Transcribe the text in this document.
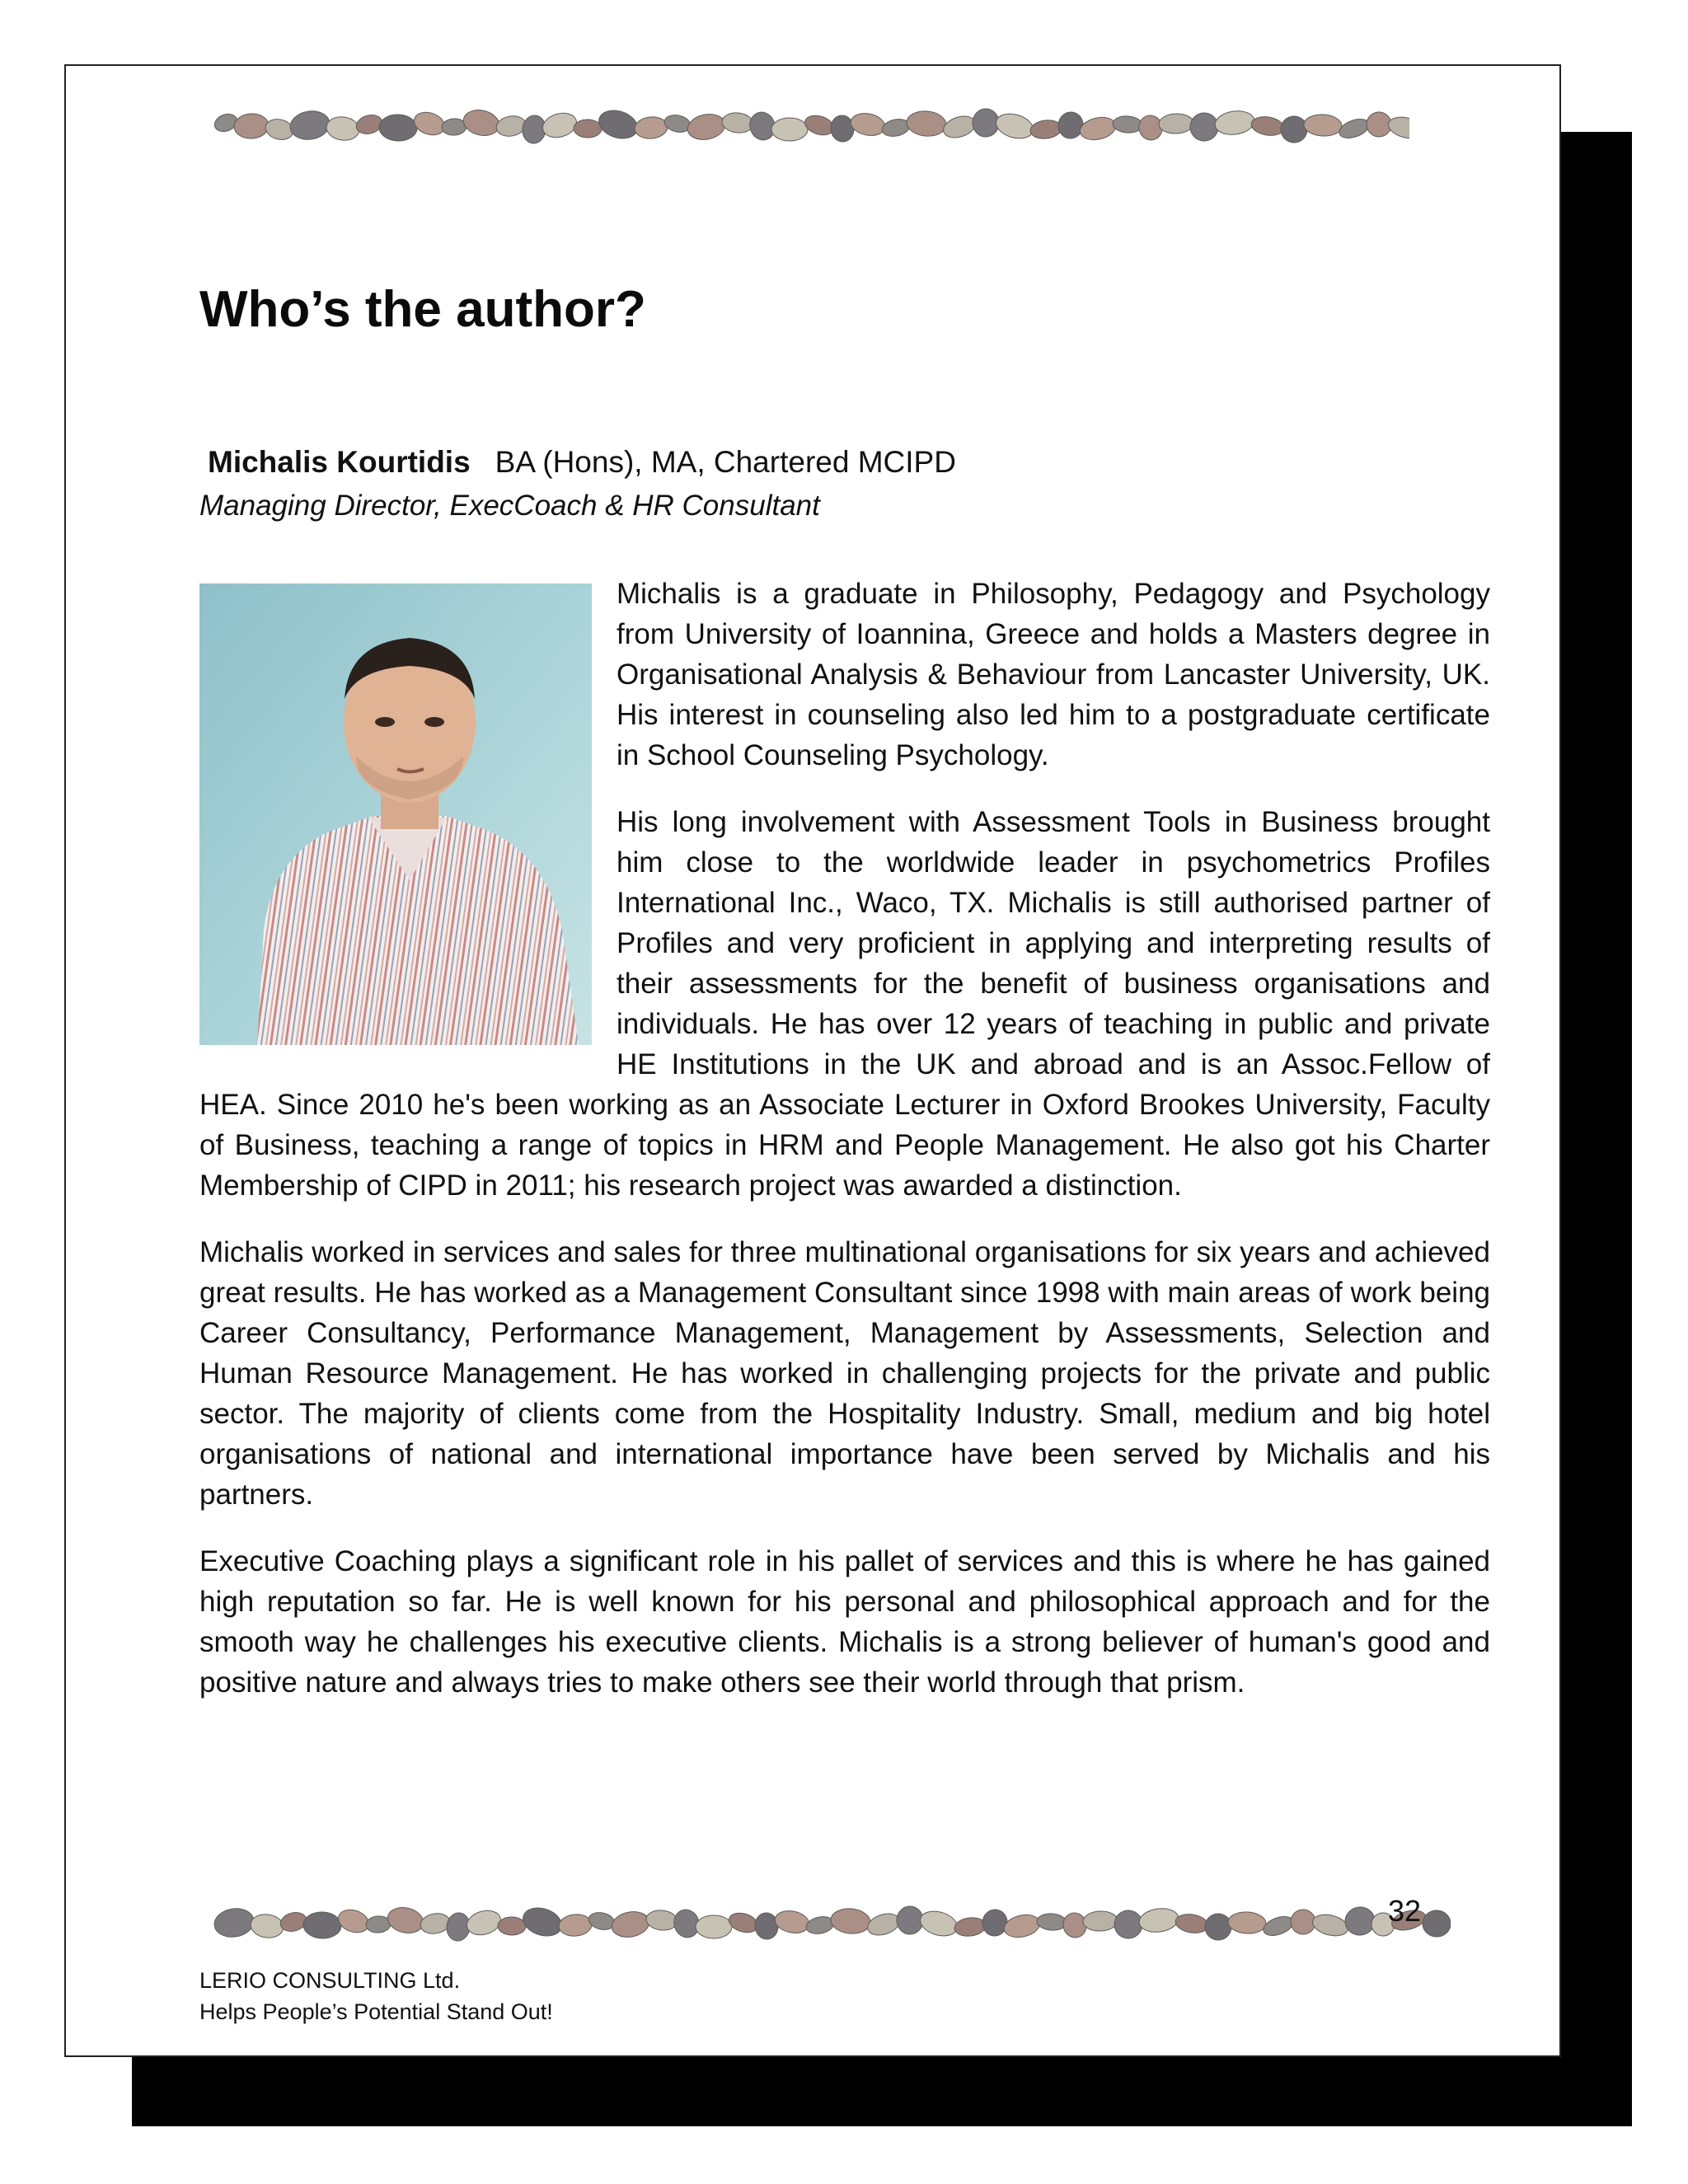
Who’s the author?
Michalis Kourtidis BA (Hons), MA, Chartered MCIPD
Managing Director, ExecCoach & HR Consultant

Michalis is a graduate in Philosophy, Pedagogy and Psychology from University of Ioannina, Greece and holds a Masters degree in Organisational Analysis & Behaviour from Lancaster University, UK. His interest in counseling also led him to a postgraduate certificate in School Counseling Psychology.

His long involvement with Assessment Tools in Business brought him close to the worldwide leader in psychometrics Profiles International Inc., Waco, TX. Michalis is still authorised partner of Profiles and very proficient in applying and interpreting results of their assessments for the benefit of business organisations and individuals. He has over 12 years of teaching in public and private HE Institutions in the UK and abroad and is an Assoc.Fellow of HEA. Since 2010 he's been working as an Associate Lecturer in Oxford Brookes University, Faculty of Business, teaching a range of topics in HRM and People Management. He also got his Charter Membership of CIPD in 2011; his research project was awarded a distinction.

Michalis worked in services and sales for three multinational organisations for six years and achieved great results. He has worked as a Management Consultant since 1998 with main areas of work being Career Consultancy, Performance Management, Management by Assessments, Selection and Human Resource Management. He has worked in challenging projects for the private and public sector. The majority of clients come from the Hospitality Industry. Small, medium and big hotel organisations of national and international importance have been served by Michalis and his partners.

Executive Coaching plays a significant role in his pallet of services and this is where he has gained high reputation so far. He is well known for his personal and philosophical approach and for the smooth way he challenges his executive clients. Michalis is a strong believer of human's good and positive nature and always tries to make others see their world through that prism.

32
LERIO CONSULTING Ltd.
Helps People’s Potential Stand Out!
